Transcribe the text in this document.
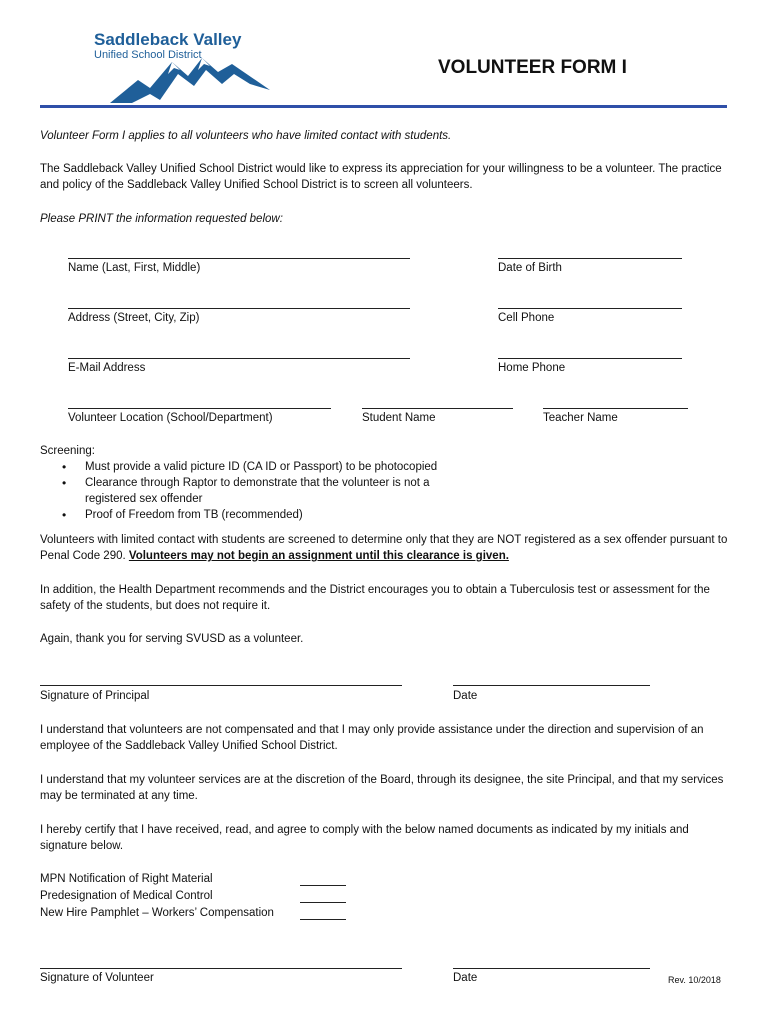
Saddleback Valley
Unified School District
VOLUNTEER FORM I
Volunteer Form I applies to all volunteers who have limited contact with students.
The Saddleback Valley Unified School District would like to express its appreciation for your willingness to be a volunteer. The practice and policy of the Saddleback Valley Unified School District is to screen all volunteers.
Please PRINT the information requested below:
Name (Last, First, Middle)	Date of Birth
Address (Street, City, Zip)	Cell Phone
E-Mail Address	Home Phone
Volunteer Location (School/Department)	Student Name	Teacher Name
Screening:
• Must provide a valid picture ID (CA ID or Passport) to be photocopied
• Clearance through Raptor to demonstrate that the volunteer is not a registered sex offender
• Proof of Freedom from TB (recommended)
Volunteers with limited contact with students are screened to determine only that they are NOT registered as a sex offender pursuant to Penal Code 290. Volunteers may not begin an assignment until this clearance is given.
In addition, the Health Department recommends and the District encourages you to obtain a Tuberculosis test or assessment for the safety of the students, but does not require it.
Again, thank you for serving SVUSD as a volunteer.
Signature of Principal	Date
I understand that volunteers are not compensated and that I may only provide assistance under the direction and supervision of an employee of the Saddleback Valley Unified School District.
I understand that my volunteer services are at the discretion of the Board, through its designee, the site Principal, and that my services may be terminated at any time.
I hereby certify that I have received, read, and agree to comply with the below named documents as indicated by my initials and signature below.
MPN Notification of Right Material
Predesignation of Medical Control
New Hire Pamphlet – Workers’ Compensation
Signature of Volunteer	Date	Rev. 10/2018
